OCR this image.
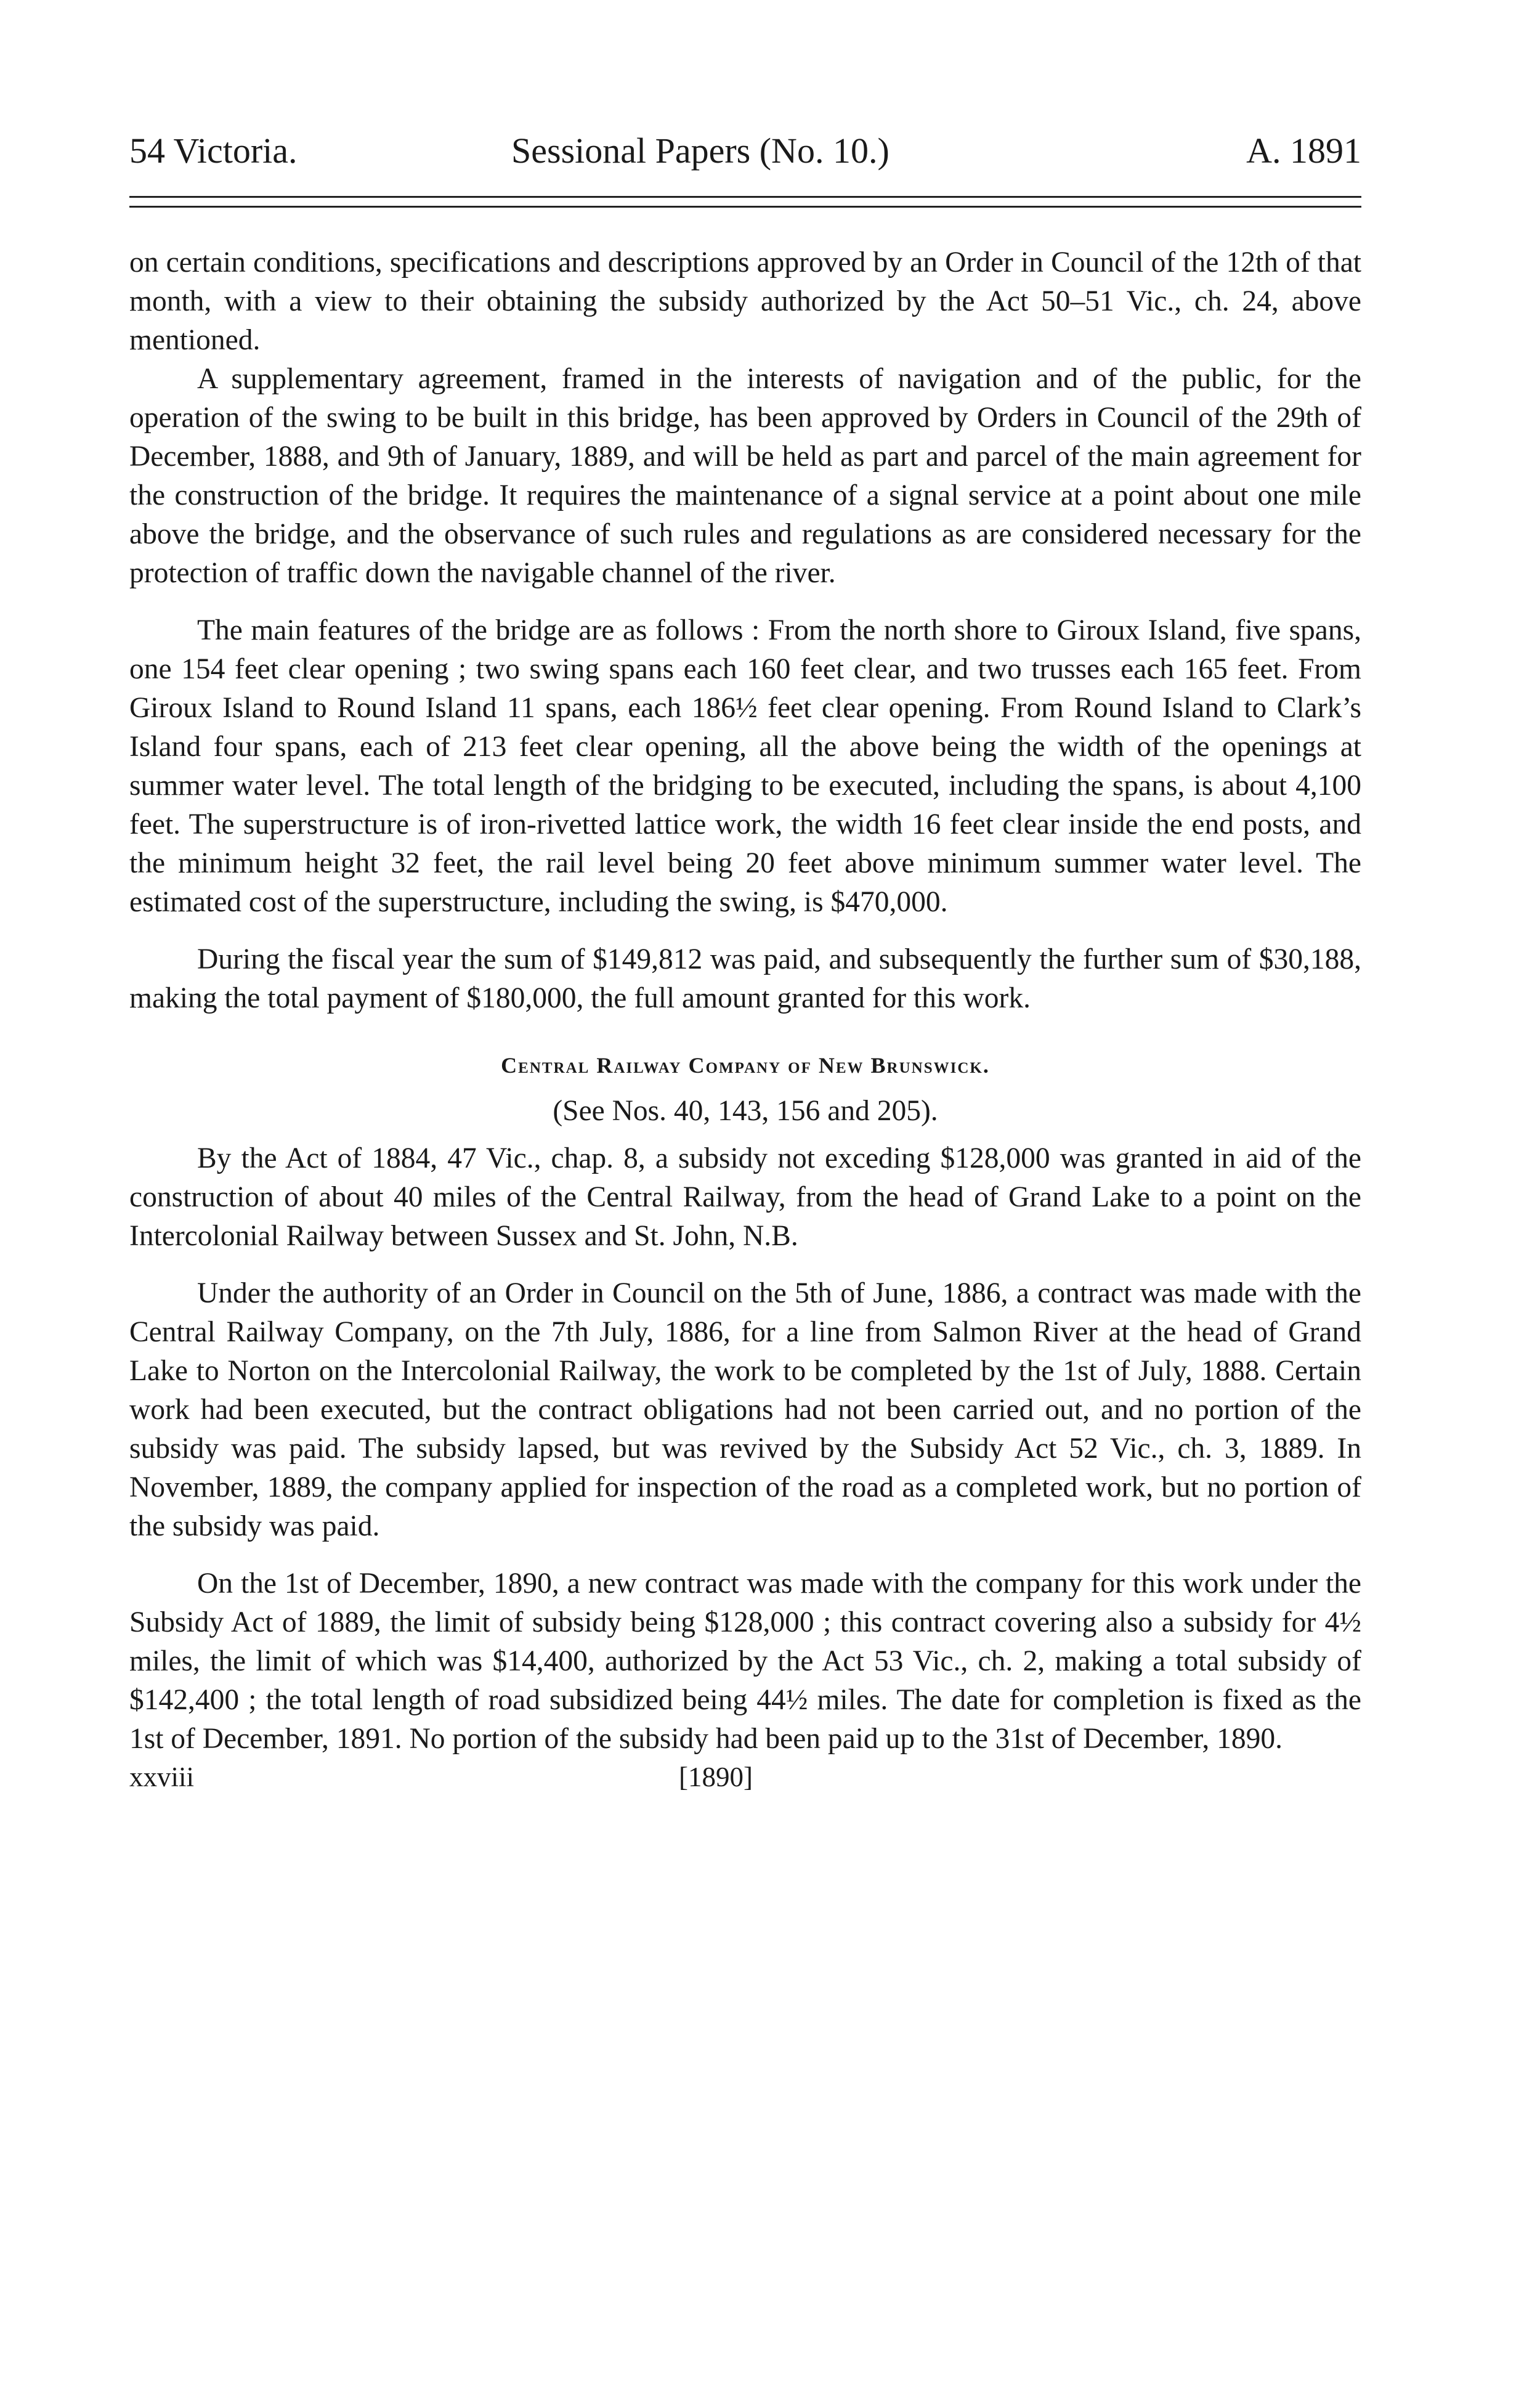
54 Victoria.	Sessional Papers (No. 10.)	A. 1891

on certain conditions, specifications and descriptions approved by an Order in Council of the 12th of that month, with a view to their obtaining the subsidy authorized by the Act 50–51 Vic., ch. 24, above mentioned.

A supplementary agreement, framed in the interests of navigation and of the public, for the operation of the swing to be built in this bridge, has been approved by Orders in Council of the 29th of December, 1888, and 9th of January, 1889, and will be held as part and parcel of the main agreement for the construction of the bridge. It requires the maintenance of a signal service at a point about one mile above the bridge, and the observance of such rules and regulations as are considered necessary for the protection of traffic down the navigable channel of the river.

The main features of the bridge are as follows : From the north shore to Giroux Island, five spans, one 154 feet clear opening ; two swing spans each 160 feet clear, and two trusses each 165 feet. From Giroux Island to Round Island 11 spans, each 186½ feet clear opening. From Round Island to Clark’s Island four spans, each of 213 feet clear opening, all the above being the width of the openings at summer water level. The total length of the bridging to be executed, including the spans, is about 4,100 feet. The superstructure is of iron-rivetted lattice work, the width 16 feet clear inside the end posts, and the minimum height 32 feet, the rail level being 20 feet above minimum summer water level. The estimated cost of the superstructure, including the swing, is $470,000.

During the fiscal year the sum of $149,812 was paid, and subsequently the further sum of $30,188, making the total payment of $180,000, the full amount granted for this work.

Central Railway Company of New Brunswick.

(See Nos. 40, 143, 156 and 205).

By the Act of 1884, 47 Vic., chap. 8, a subsidy not exceding $128,000 was granted in aid of the construction of about 40 miles of the Central Railway, from the head of Grand Lake to a point on the Intercolonial Railway between Sussex and St. John, N.B.

Under the authority of an Order in Council on the 5th of June, 1886, a contract was made with the Central Railway Company, on the 7th July, 1886, for a line from Salmon River at the head of Grand Lake to Norton on the Intercolonial Railway, the work to be completed by the 1st of July, 1888. Certain work had been executed, but the contract obligations had not been carried out, and no portion of the subsidy was paid. The subsidy lapsed, but was revived by the Subsidy Act 52 Vic., ch. 3, 1889. In November, 1889, the company applied for inspection of the road as a completed work, but no portion of the subsidy was paid.

On the 1st of December, 1890, a new contract was made with the company for this work under the Subsidy Act of 1889, the limit of subsidy being $128,000 ; this contract covering also a subsidy for 4½ miles, the limit of which was $14,400, authorized by the Act 53 Vic., ch. 2, making a total subsidy of $142,400 ; the total length of road subsidized being 44½ miles. The date for completion is fixed as the 1st of December, 1891. No portion of the subsidy had been paid up to the 31st of December, 1890.

xxviii	[1890]
